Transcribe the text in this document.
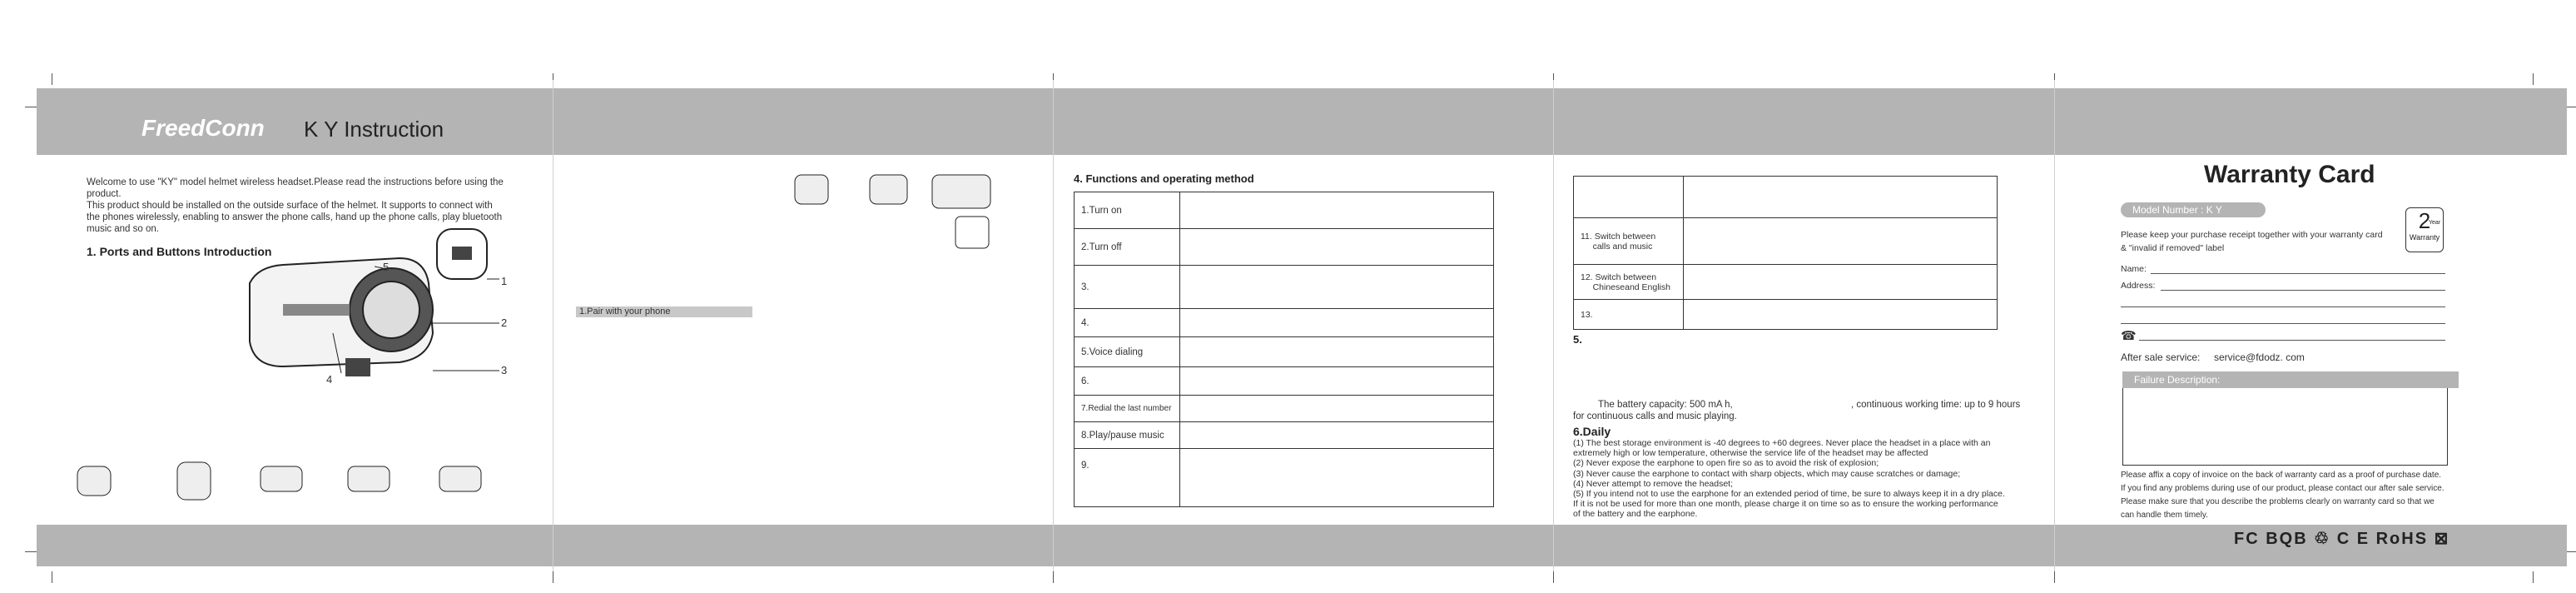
FreedConn K Y Instruction
Welcome to use "KY" model helmet wireless headset.Please read the instructions before using the
product.
This product should be installed on the outside surface of the helmet. It supports to connect with
the phones wirelessly, enabling to answer the phone calls, hand up the phone calls, play bluetooth
music and so on.
1. Ports and Buttons Introduction
5
1
2
3
4
1.Pair with your phone
4. Functions and operating method
1.Turn on	
2.Turn off	
3.	
4.	
5.Voice dialing	
6.	
7.Redial the last number	
8.Play/pause music	
9.	

11. Switch between
calls and music	
12. Switch between
Chineseand English	
13.	
5.
The battery capacity: 500 mA h,	, continuous working time: up to 9 hours
for continuous calls and music playing.
6.Daily
(1) The best storage environment is -40 degrees to +60 degrees. Never place the headset in a place with an
extremely high or low temperature, otherwise the service life of the headset may be affected
(2) Never expose the earphone to open fire so as to avoid the risk of explosion;
(3) Never cause the earphone to contact with sharp objects, which may cause scratches or damage;
(4) Never attempt to remove the headset;
(5) If you intend not to use the earphone for an extended period of time, be sure to always keep it in a dry place.
If it is not be used for more than one month, please charge it on time so as to ensure the working performance
of the battery and the earphone.
Warranty Card
Model Number : K Y	2
Year
Warranty
Please keep your purchase receipt together with your warranty card
& "invalid if removed" label
Name:
Address:
☎
After sale service: service@fdodz. com
Failure Description:
Please affix a copy of invoice on the back of warranty card as a proof of purchase date.
If you find any problems during use of our product, please contact our after sale service.
Please make sure that you describe the problems clearly on warranty card so that we
can handle them timely.
FC BQB ♲ C E RoHS ⊠
